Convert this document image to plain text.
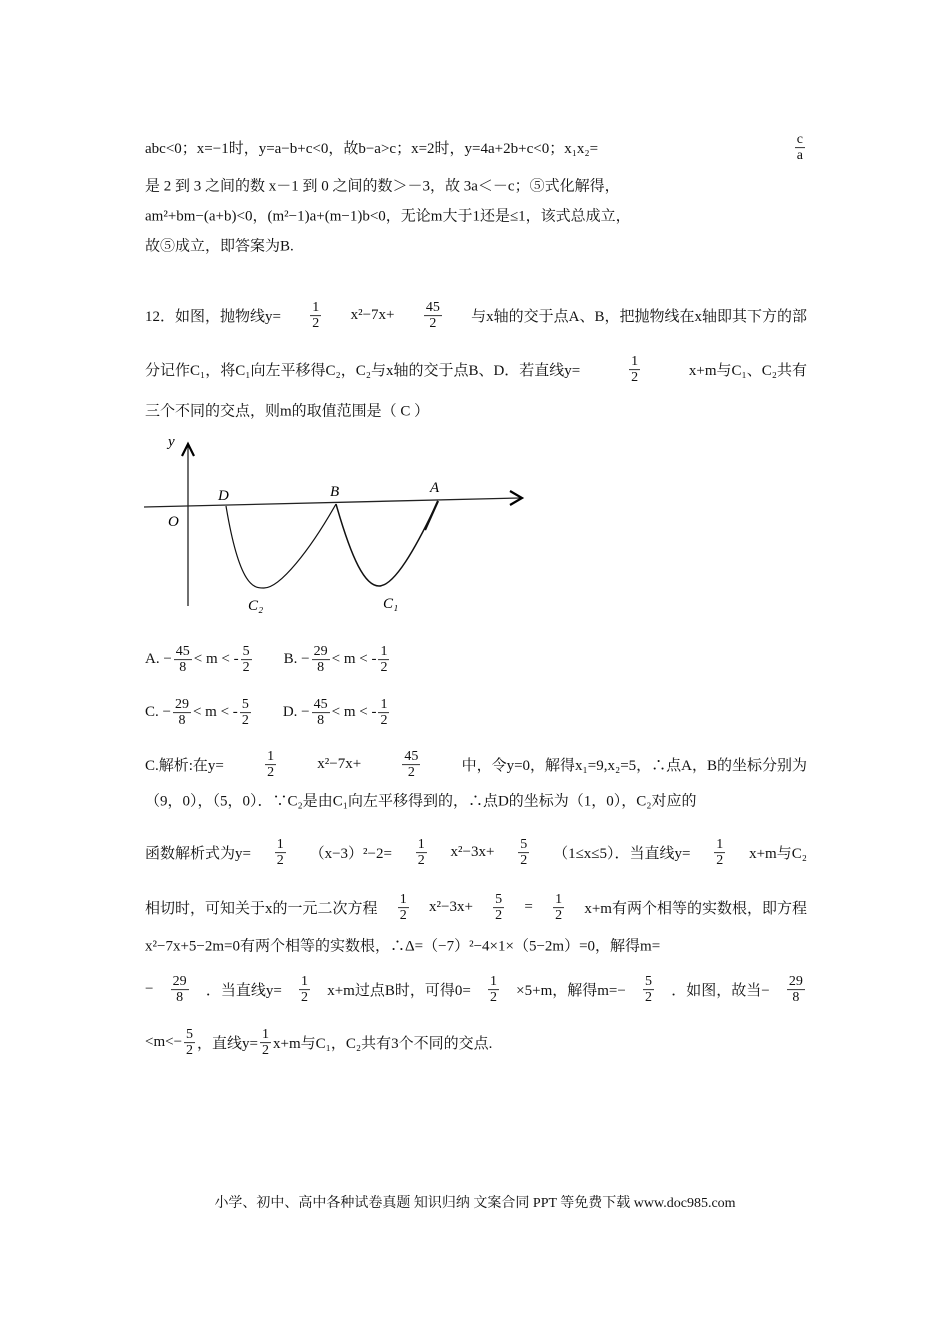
abc<0；x=−1时，y=a−b+c<0，故b−a>c；x=2时，y=4a+2b+c<0；x₁x₂=	$\frac{c}{a}$
是 2 到 3 之间的数 x－1 到 0 之间的数＞－3，故 3a＜－c；⑤式化解得，
am²+bm−(a+b)<0，(m²−1)a+(m−1)b<0，无论m大于1还是≤1，该式总成立，
故⑤成立，即答案为B.
12．如图，抛物线$y= \frac{1}{2} x^2-7x+ \frac{45}{2}$ 与x轴的交于点A、B，把抛物线在x轴即其下方的部
分记作C₁，将C₁向左平移得C₂，C₂与x轴的交于点B、D．若直线y=	$\frac{1}{2}$	x+m与C₁、C₂共有
三个不同的交点，则m的取值范围是（ C ）
A. − $\frac{45}{8} < m$ < - $\frac{5}{2} B$. − $\frac{29}{8} < m$ < - $\frac{1}{2}$
C. − $\frac{29}{8} < m$ < - $\frac{5}{2} D$. − $\frac{45}{8} < m$ < - $\frac{1}{2}$
C.解析:在y=	$\frac{1}{2}$	x²−7x+	$\frac{45}{2}$	中，令y=0，解得x₁=9,x₂=5，∴点A，B的坐标分别为
（9，0），（5，0）．∵C₂是由C₁向左平移得到的，∴点D的坐标为（1，0），C₂对应的
函数解析式为$y= \frac{1}{2} (x-3)^2-2= \frac{1}{2} x^2-3x+ \frac{5}{2} (1\le x\le 5)$．当直线$y= \frac{1}{2} x+m$与C₂
相切时，可知关于x的一元二次方程 $\frac{1}{2} x^2-3x+ \frac{5}{2} = \frac{1}{2} x+m$有两个相等的实数根，即方程
x²−7x+5−2m=0有两个相等的实数根，∴Δ=（−7）²−4×1×（5−2m）=0，解得m=
− $\frac{29}{8}$ ．当直线$y= \frac{1}{2} x+m$过点B时，可得$0= \frac{1}{2} \times 5+m$，解得$m=- \frac{5}{2}$ ．如图，故当− $\frac{29}{8}$
$<m<- \frac{5}{2}$ ，直线$y= \frac{1}{2} x+m$与C₁，C₂共有3个不同的交点.
y
O
D	B	A
C₂	C₁
小学、初中、高中各种试卷真题 知识归纳 文案合同 PPT 等免费下载 www.doc985.com
